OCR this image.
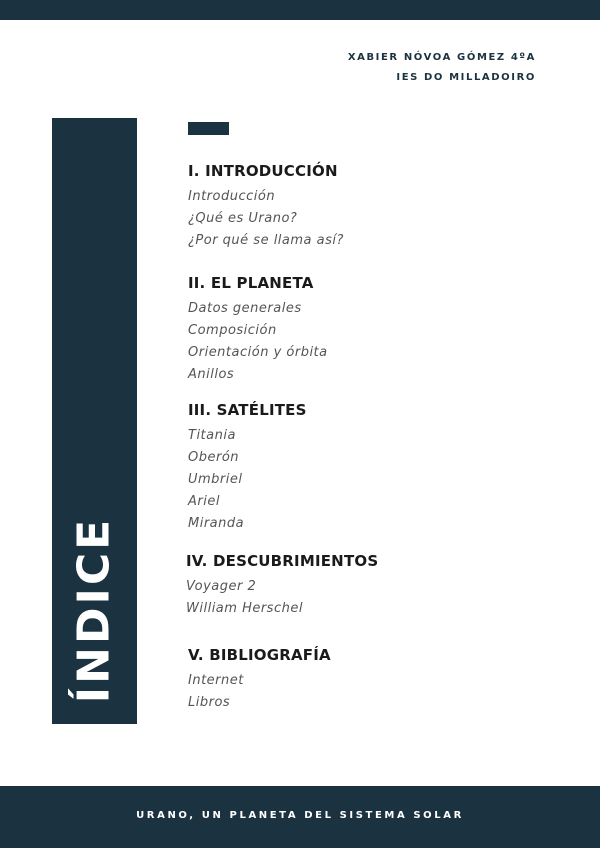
XABIER NÓVOA GÓMEZ 4ºA
IES DO MILLADOIRO
ÍNDICE
I. INTRODUCCIÓN
Introducción
¿Qué es Urano?
¿Por qué se llama así?
II. EL PLANETA
Datos generales
Composición
Orientación y órbita
Anillos
III. SATÉLITES
Titania
Oberón
Umbriel
Ariel
Miranda
IV. DESCUBRIMIENTOS
Voyager 2
William Herschel
V. BIBLIOGRAFÍA
Internet
Libros
URANO, UN PLANETA DEL SISTEMA SOLAR
